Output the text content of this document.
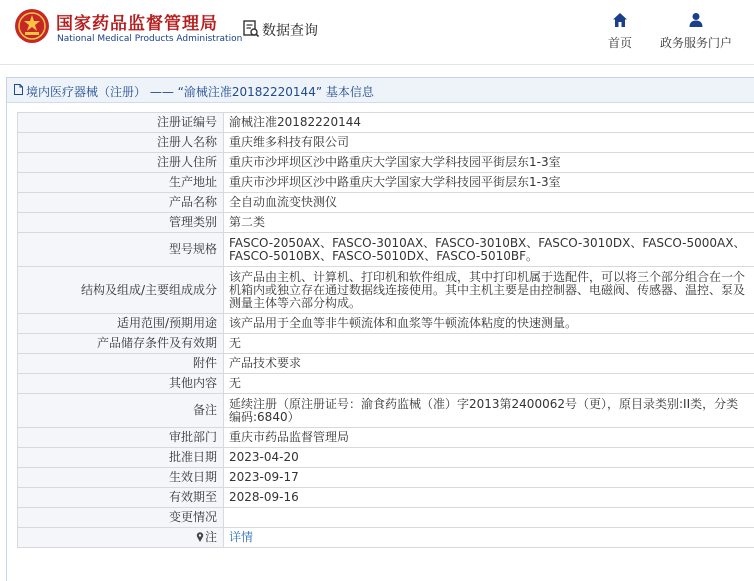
国家药品监督管理局
National Medical Products Administration 数据查询
首页	政务服务门户
境内医疗器械（注册） —— “渝械注准20182220144” 基本信息
注册证编号	渝械注准20182220144
注册人名称	重庆维多科技有限公司
注册人住所	重庆市沙坪坝区沙中路重庆大学国家大学科技园平街层东1-3室
生产地址	重庆市沙坪坝区沙中路重庆大学国家大学科技园平街层东1-3室
产品名称	全自动血流变快测仪
管理类别	第二类
型号规格	FASCO-2050AX、FASCO-3010AX、FASCO-3010BX、FASCO-3010DX、FASCO-5000AX、FASCO-5010BX、FASCO-5010DX、FASCO-5010BF。
结构及组成/主要组成成分	该产品由主机、计算机、打印机和软件组成，其中打印机属于选配件，可以将三个部分组合在一个机箱内或独立存在通过数据线连接使用。其中主机主要是由控制器、电磁阀、传感器、温控、泵及测量主体等六部分构成。
适用范围/预期用途	该产品用于全血等非牛顿流体和血浆等牛顿流体粘度的快速测量。
产品储存条件及有效期	无
附件	产品技术要求
其他内容	无
备注	延续注册（原注册证号：渝食药监械（准）字2013第2400062号（更），原目录类别:II类，分类编码:6840）
审批部门	重庆市药品监督管理局
批准日期	2023-04-20
生效日期	2023-09-17
有效期至	2028-09-16
变更情况	
注	详情
